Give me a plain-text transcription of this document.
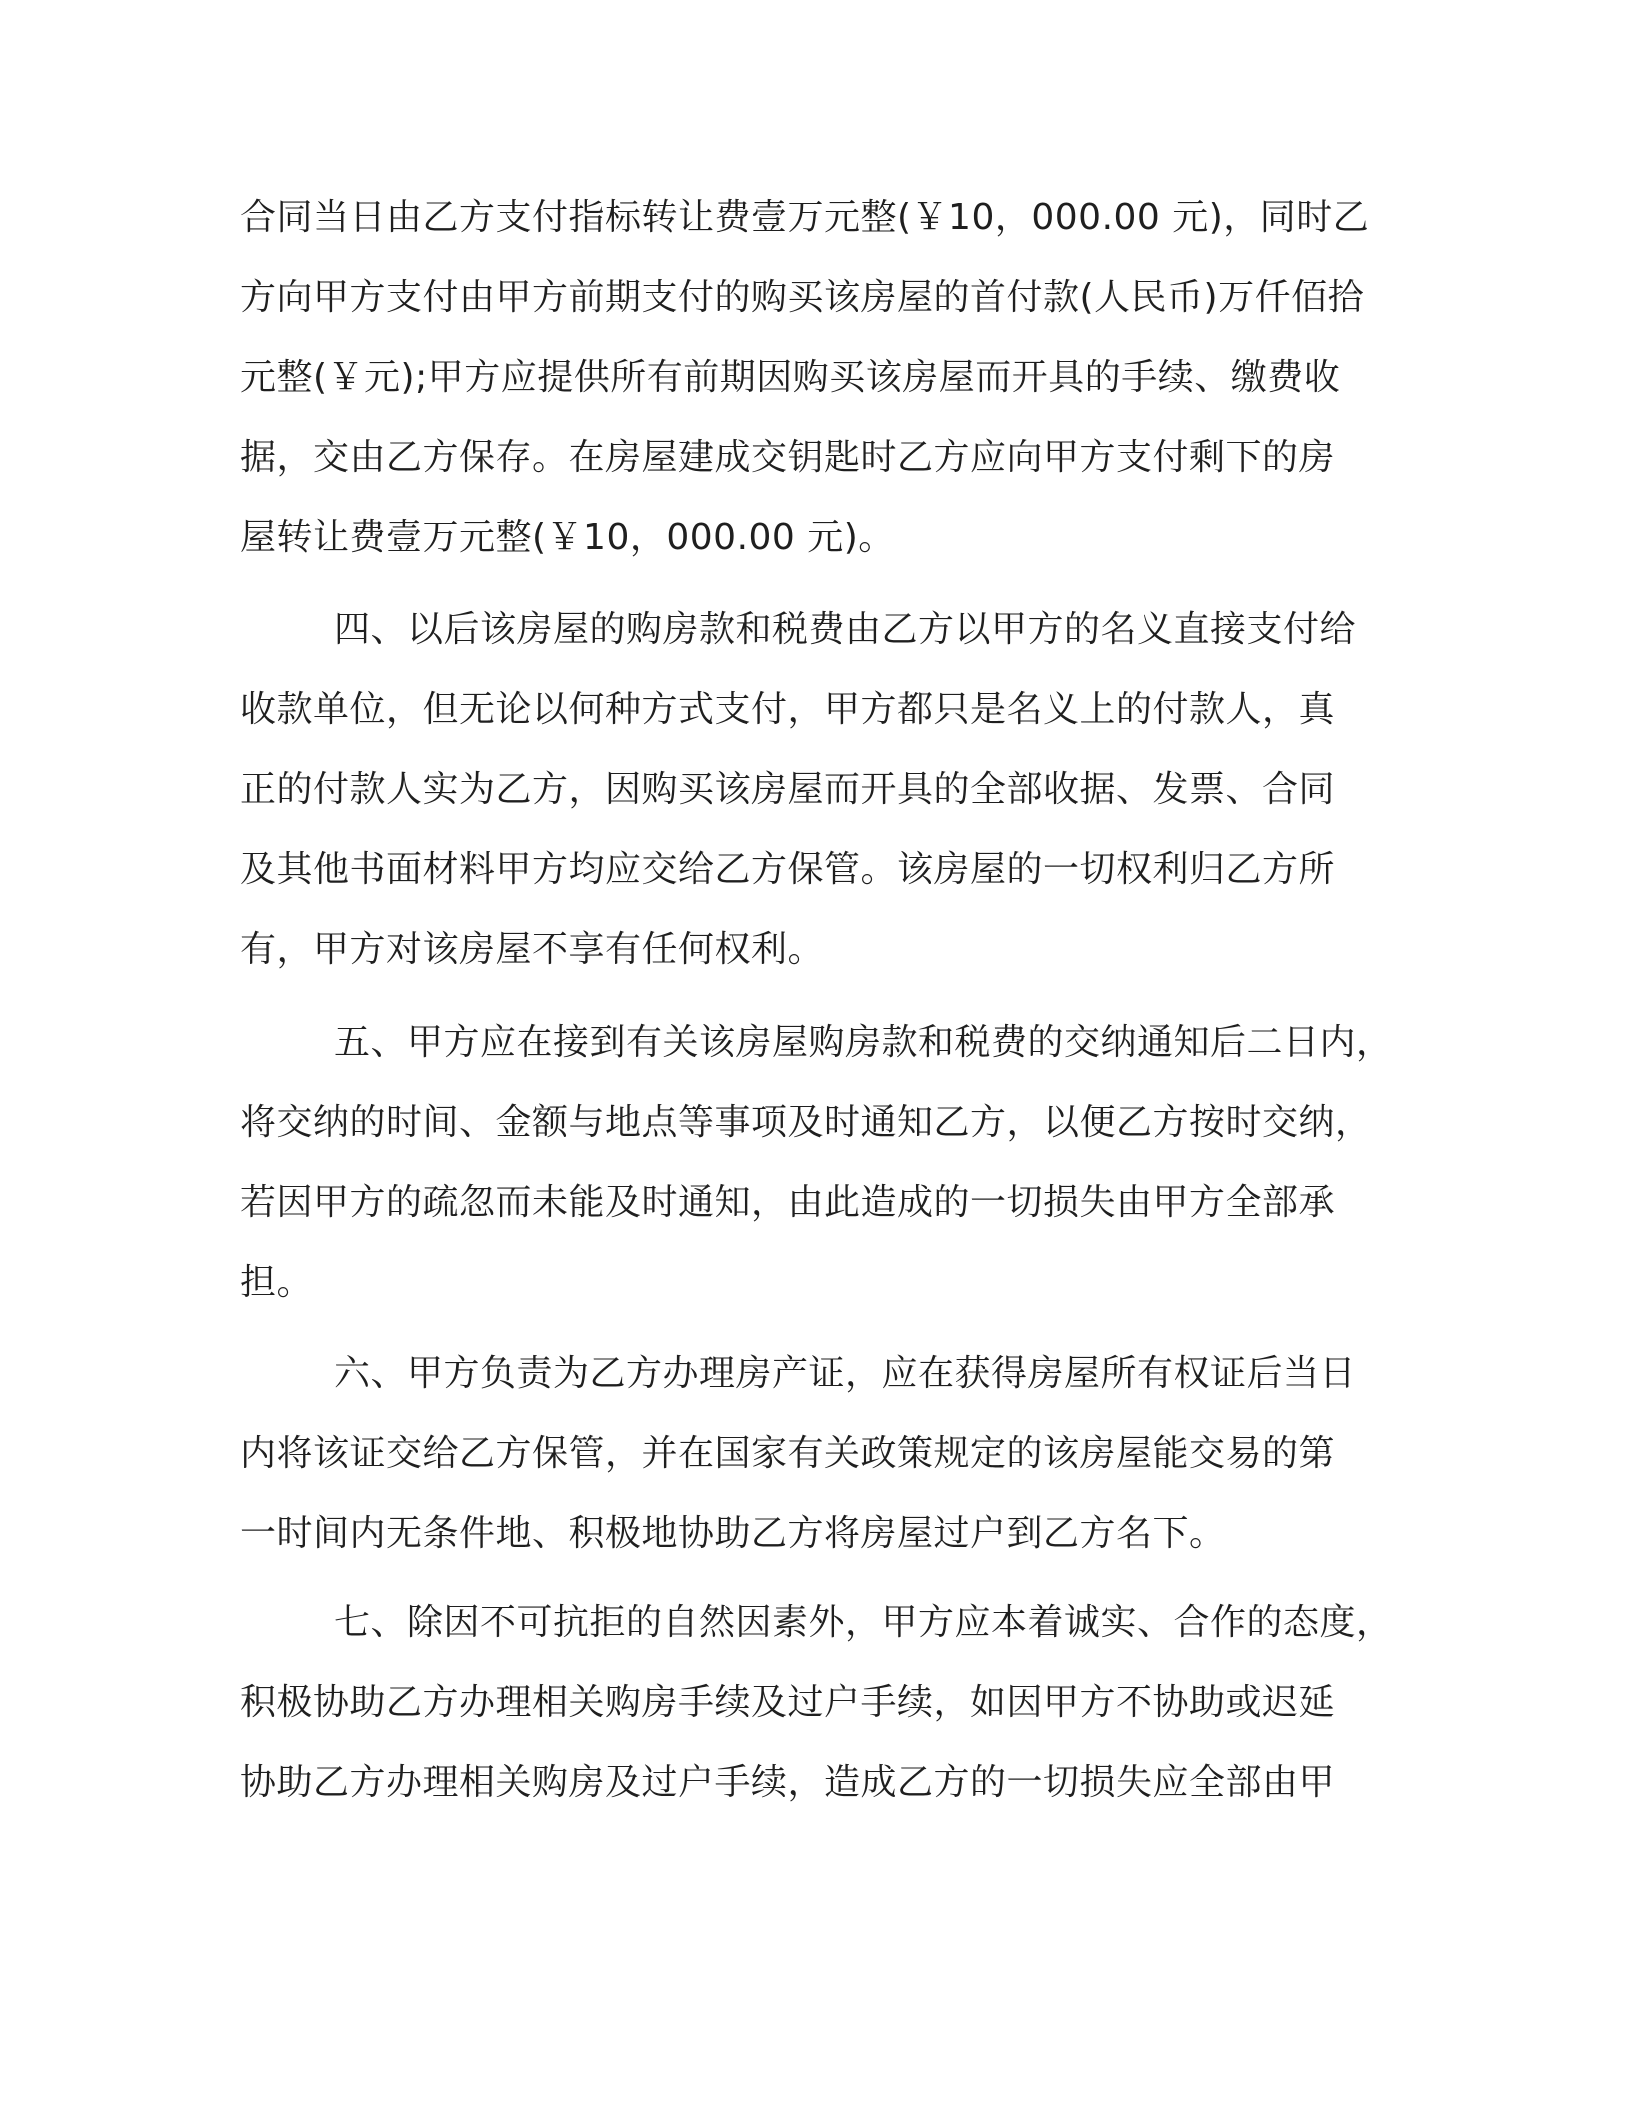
合同当日由乙方支付指标转让费壹万元整(￥10，000.00 元)，同时乙
方向甲方支付由甲方前期支付的购买该房屋的首付款(人民币)万仟佰拾
元整(￥元);甲方应提供所有前期因购买该房屋而开具的手续、缴费收
据，交由乙方保存。在房屋建成交钥匙时乙方应向甲方支付剩下的房
屋转让费壹万元整(￥10，000.00 元)。
四、以后该房屋的购房款和税费由乙方以甲方的名义直接支付给
收款单位，但无论以何种方式支付，甲方都只是名义上的付款人，真
正的付款人实为乙方，因购买该房屋而开具的全部收据、发票、合同
及其他书面材料甲方均应交给乙方保管。该房屋的一切权利归乙方所
有，甲方对该房屋不享有任何权利。
五、甲方应在接到有关该房屋购房款和税费的交纳通知后二日内，
将交纳的时间、金额与地点等事项及时通知乙方，以便乙方按时交纳，
若因甲方的疏忽而未能及时通知，由此造成的一切损失由甲方全部承
担。
六、甲方负责为乙方办理房产证，应在获得房屋所有权证后当日
内将该证交给乙方保管，并在国家有关政策规定的该房屋能交易的第
一时间内无条件地、积极地协助乙方将房屋过户到乙方名下。
七、除因不可抗拒的自然因素外，甲方应本着诚实、合作的态度，
积极协助乙方办理相关购房手续及过户手续，如因甲方不协助或迟延
协助乙方办理相关购房及过户手续，造成乙方的一切损失应全部由甲
